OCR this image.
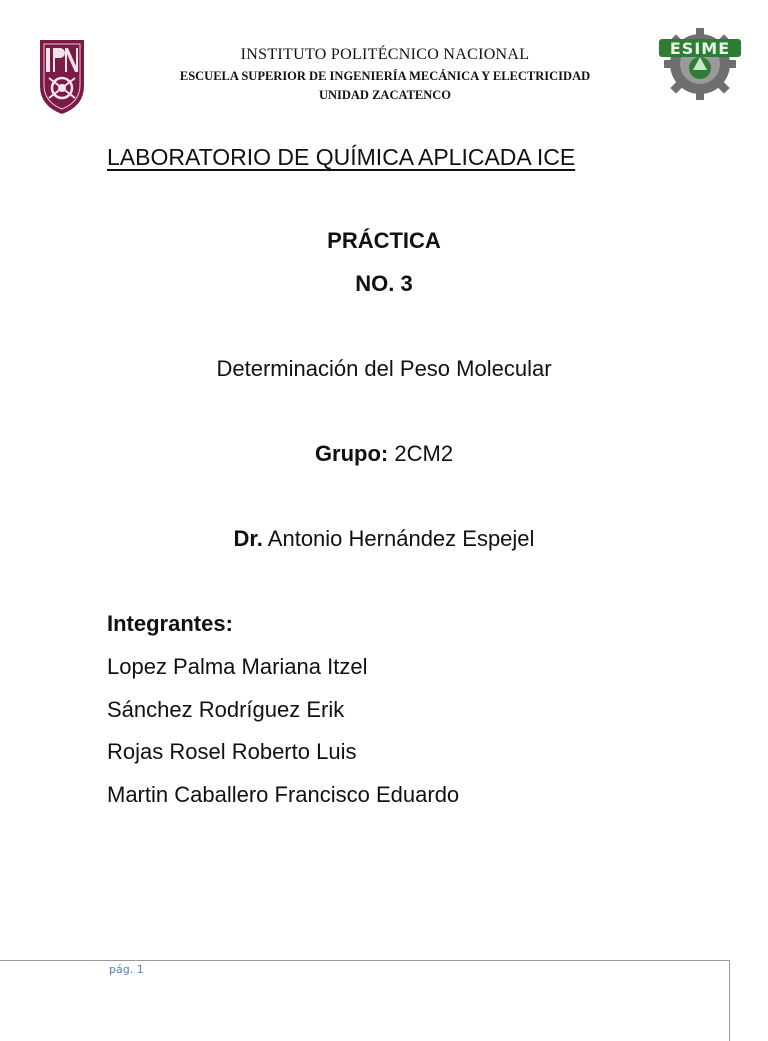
ESIME
INSTITUTO POLITÉCNICO NACIONAL
ESCUELA SUPERIOR DE INGENIERÍA MECÁNICA Y ELECTRICIDAD
UNIDAD ZACATENCO
LABORATORIO DE QUÍMICA APLICADA ICE
PRÁCTICA
NO. 3
Determinación del Peso Molecular
Grupo: 2CM2
Dr. Antonio Hernández Espejel
Integrantes:
Lopez Palma Mariana Itzel
Sánchez Rodríguez Erik
Rojas Rosel Roberto Luis
Martin Caballero Francisco Eduardo
pág. 1
